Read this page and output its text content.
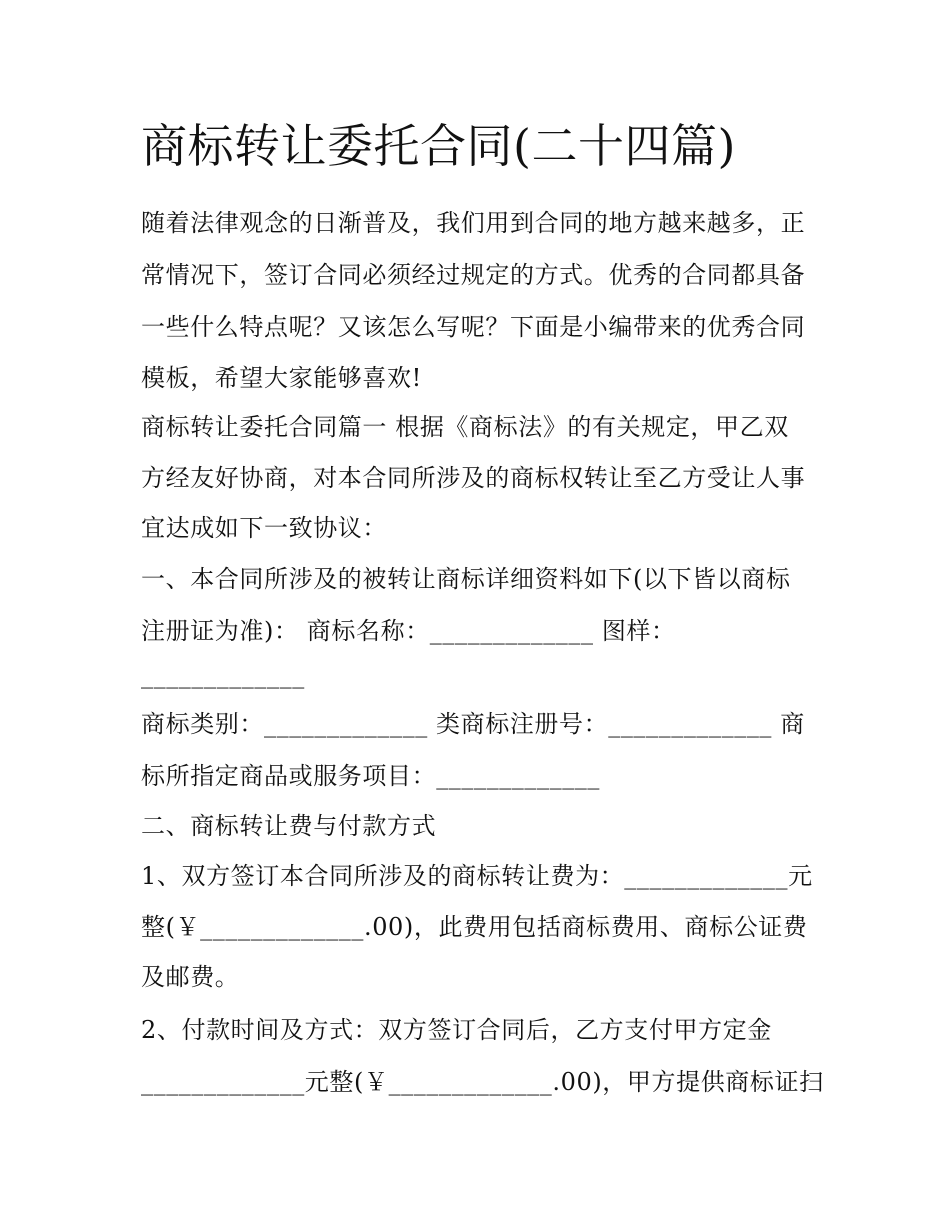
商标转让委托合同(二十四篇)
随着法律观念的日渐普及，我们用到合同的地方越来越多，正
常情况下，签订合同必须经过规定的方式。优秀的合同都具备
一些什么特点呢？又该怎么写呢？下面是小编带来的优秀合同
模板，希望大家能够喜欢!
商标转让委托合同篇一 根据《商标法》的有关规定，甲乙双
方经友好协商，对本合同所涉及的商标权转让至乙方受让人事
宜达成如下一致协议：
一、本合同所涉及的被转让商标详细资料如下(以下皆以商标
注册证为准)： 商标名称：_____________ 图样：
_____________
商标类别：_____________ 类商标注册号：_____________ 商
标所指定商品或服务项目：_____________
二、商标转让费与付款方式
1、双方签订本合同所涉及的商标转让费为：_____________元
整(￥_____________.00)，此费用包括商标费用、商标公证费
及邮费。
2、付款时间及方式：双方签订合同后，乙方支付甲方定金
_____________元整(￥_____________.00)，甲方提供商标证扫
